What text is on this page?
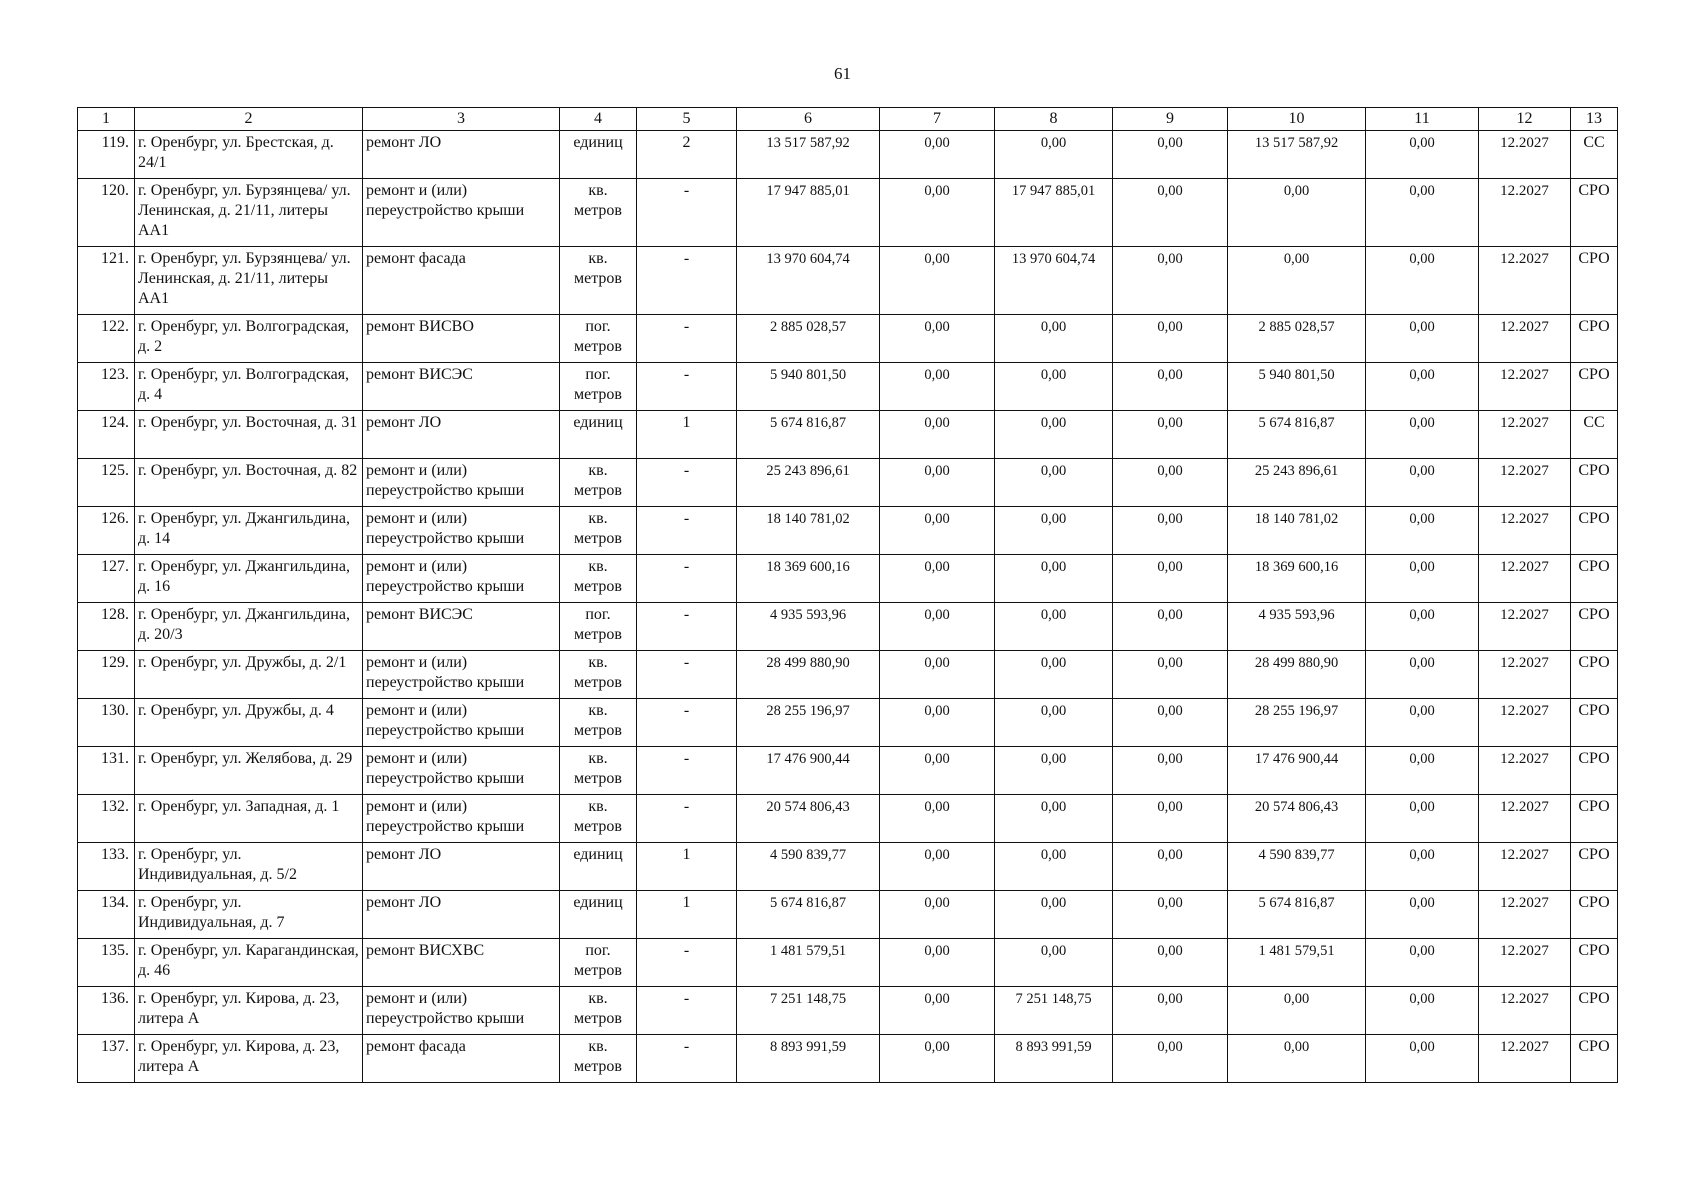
61
1	2	3	4	5	6	7	8	9	10	11	12	13
119.	г. Оренбург, ул. Брестская, д. 24/1	ремонт ЛО	единиц	2	13 517 587,92	0,00	0,00	0,00	13 517 587,92	0,00	12.2027	СС
120.	г. Оренбург, ул. Бурзянцева/ ул. Ленинская, д. 21/11, литеры АА1	ремонт и (или) переустройство крыши	кв. метров	-	17 947 885,01	0,00	17 947 885,01	0,00	0,00	0,00	12.2027	СРО
121.	г. Оренбург, ул. Бурзянцева/ ул. Ленинская, д. 21/11, литеры АА1	ремонт фасада	кв. метров	-	13 970 604,74	0,00	13 970 604,74	0,00	0,00	0,00	12.2027	СРО
122.	г. Оренбург, ул. Волгоградская, д. 2	ремонт ВИСВО	пог. метров	-	2 885 028,57	0,00	0,00	0,00	2 885 028,57	0,00	12.2027	СРО
123.	г. Оренбург, ул. Волгоградская, д. 4	ремонт ВИСЭС	пог. метров	-	5 940 801,50	0,00	0,00	0,00	5 940 801,50	0,00	12.2027	СРО
124.	г. Оренбург, ул. Восточная, д. 31	ремонт ЛО	единиц	1	5 674 816,87	0,00	0,00	0,00	5 674 816,87	0,00	12.2027	СС
125.	г. Оренбург, ул. Восточная, д. 82	ремонт и (или) переустройство крыши	кв. метров	-	25 243 896,61	0,00	0,00	0,00	25 243 896,61	0,00	12.2027	СРО
126.	г. Оренбург, ул. Джангильдина, д. 14	ремонт и (или) переустройство крыши	кв. метров	-	18 140 781,02	0,00	0,00	0,00	18 140 781,02	0,00	12.2027	СРО
127.	г. Оренбург, ул. Джангильдина, д. 16	ремонт и (или) переустройство крыши	кв. метров	-	18 369 600,16	0,00	0,00	0,00	18 369 600,16	0,00	12.2027	СРО
128.	г. Оренбург, ул. Джангильдина, д. 20/3	ремонт ВИСЭС	пог. метров	-	4 935 593,96	0,00	0,00	0,00	4 935 593,96	0,00	12.2027	СРО
129.	г. Оренбург, ул. Дружбы, д. 2/1	ремонт и (или) переустройство крыши	кв. метров	-	28 499 880,90	0,00	0,00	0,00	28 499 880,90	0,00	12.2027	СРО
130.	г. Оренбург, ул. Дружбы, д. 4	ремонт и (или) переустройство крыши	кв. метров	-	28 255 196,97	0,00	0,00	0,00	28 255 196,97	0,00	12.2027	СРО
131.	г. Оренбург, ул. Желябова, д. 29	ремонт и (или) переустройство крыши	кв. метров	-	17 476 900,44	0,00	0,00	0,00	17 476 900,44	0,00	12.2027	СРО
132.	г. Оренбург, ул. Западная, д. 1	ремонт и (или) переустройство крыши	кв. метров	-	20 574 806,43	0,00	0,00	0,00	20 574 806,43	0,00	12.2027	СРО
133.	г. Оренбург, ул. Индивидуальная, д. 5/2	ремонт ЛО	единиц	1	4 590 839,77	0,00	0,00	0,00	4 590 839,77	0,00	12.2027	СРО
134.	г. Оренбург, ул. Индивидуальная, д. 7	ремонт ЛО	единиц	1	5 674 816,87	0,00	0,00	0,00	5 674 816,87	0,00	12.2027	СРО
135.	г. Оренбург, ул. Карагандинская, д. 46	ремонт ВИСХВС	пог. метров	-	1 481 579,51	0,00	0,00	0,00	1 481 579,51	0,00	12.2027	СРО
136.	г. Оренбург, ул. Кирова, д. 23, литера А	ремонт и (или) переустройство крыши	кв. метров	-	7 251 148,75	0,00	7 251 148,75	0,00	0,00	0,00	12.2027	СРО
137.	г. Оренбург, ул. Кирова, д. 23, литера А	ремонт фасада	кв. метров	-	8 893 991,59	0,00	8 893 991,59	0,00	0,00	0,00	12.2027	СРО
